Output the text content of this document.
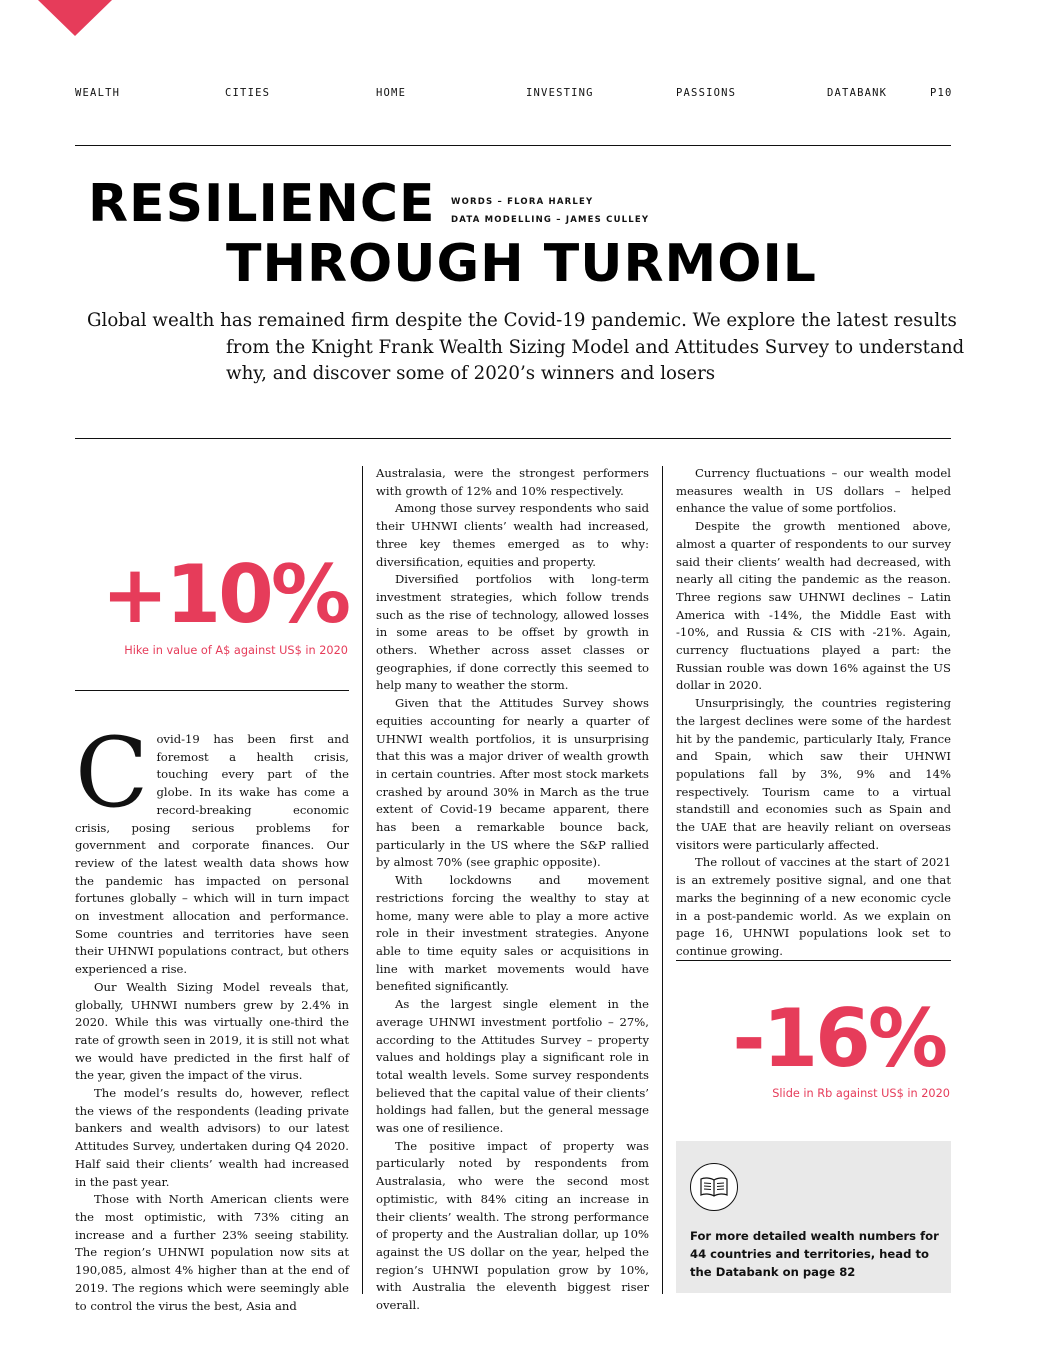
WEALTH	CITIES	HOME	INVESTING	PASSIONS	DATABANK	P10
RESILIENCE
THROUGH TURMOIL
WORDS – FLORA HARLEY
DATA MODELLING – JAMES CULLEY
Global wealth has remained firm despite the Covid-19 pandemic. We explore the latest results
from the Knight Frank Wealth Sizing Model and Attitudes Survey to understand
why, and discover some of 2020’s winners and losers
+10%
Hike in value of A$ against US$ in 2020

Covid-19 has been first and foremost a health crisis, touching every part of the globe. In its wake has come a record-breaking economic crisis, posing serious problems for government and corporate finances. Our review of the latest wealth data shows how the pandemic has impacted on personal fortunes globally – which will in turn impact on investment allocation and performance. Some countries and territories have seen their UHNWI populations contract, but others experienced a rise.

Our Wealth Sizing Model reveals that, globally, UHNWI numbers grew by 2.4% in 2020. While this was virtually one-third the rate of growth seen in 2019, it is still not what we would have predicted in the first half of the year, given the impact of the virus.

The model’s results do, however, reflect the views of the respondents (leading private bankers and wealth advisors) to our latest Attitudes Survey, undertaken during Q4 2020. Half said their clients’ wealth had increased in the past year.

Those with North American clients were the most optimistic, with 73% citing an increase and a further 23% seeing stability. The region’s UHNWI population now sits at 190,085, almost 4% higher than at the end of 2019. The regions which were seemingly able to control the virus the best, Asia and

Australasia, were the strongest performers with growth of 12% and 10% respectively.

Among those survey respondents who said their UHNWI clients’ wealth had increased, three key themes emerged as to why: diversification, equities and property.

Diversified portfolios with long-term investment strategies, which follow trends such as the rise of technology, allowed losses in some areas to be offset by growth in others. Whether across asset classes or geographies, if done correctly this seemed to help many to weather the storm.

Given that the Attitudes Survey shows equities accounting for nearly a quarter of UHNWI wealth portfolios, it is unsurprising that this was a major driver of wealth growth in certain countries. After most stock markets crashed by around 30% in March as the true extent of Covid-19 became apparent, there has been a remarkable bounce back, particularly in the US where the S&P rallied by almost 70% (see graphic opposite).

With lockdowns and movement restrictions forcing the wealthy to stay at home, many were able to play a more active role in their investment strategies. Anyone able to time equity sales or acquisitions in line with market movements would have benefited significantly.

As the largest single element in the average UHNWI investment portfolio – 27%, according to the Attitudes Survey – property values and holdings play a significant role in total wealth levels. Some survey respondents believed that the capital value of their clients’ holdings had fallen, but the general message was one of resilience.

The positive impact of property was particularly noted by respondents from Australasia, who were the second most optimistic, with 84% citing an increase in their clients’ wealth. The strong performance of property and the Australian dollar, up 10% against the US dollar on the year, helped the region’s UHNWI population grow by 10%, with Australia the eleventh biggest riser overall.

Currency fluctuations – our wealth model measures wealth in US dollars – helped enhance the value of some portfolios.

Despite the growth mentioned above, almost a quarter of respondents to our survey said their clients’ wealth had decreased, with nearly all citing the pandemic as the reason. Three regions saw UHNWI declines – Latin America with -14%, the Middle East with -10%, and Russia & CIS with -21%. Again, currency fluctuations played a part: the Russian rouble was down 16% against the US dollar in 2020.

Unsurprisingly, the countries registering the largest declines were some of the hardest hit by the pandemic, particularly Italy, France and Spain, which saw their UHNWI populations fall by 3%, 9% and 14% respectively. Tourism came to a virtual standstill and economies such as Spain and the UAE that are heavily reliant on overseas visitors were particularly affected.

The rollout of vaccines at the start of 2021 is an extremely positive signal, and one that marks the beginning of a new economic cycle in a post-pandemic world. As we explain on page 16, UHNWI populations look set to continue growing.

-16%
Slide in Rb against US$ in 2020
For more detailed wealth numbers for 44 countries and territories, head to the Databank on page 82
